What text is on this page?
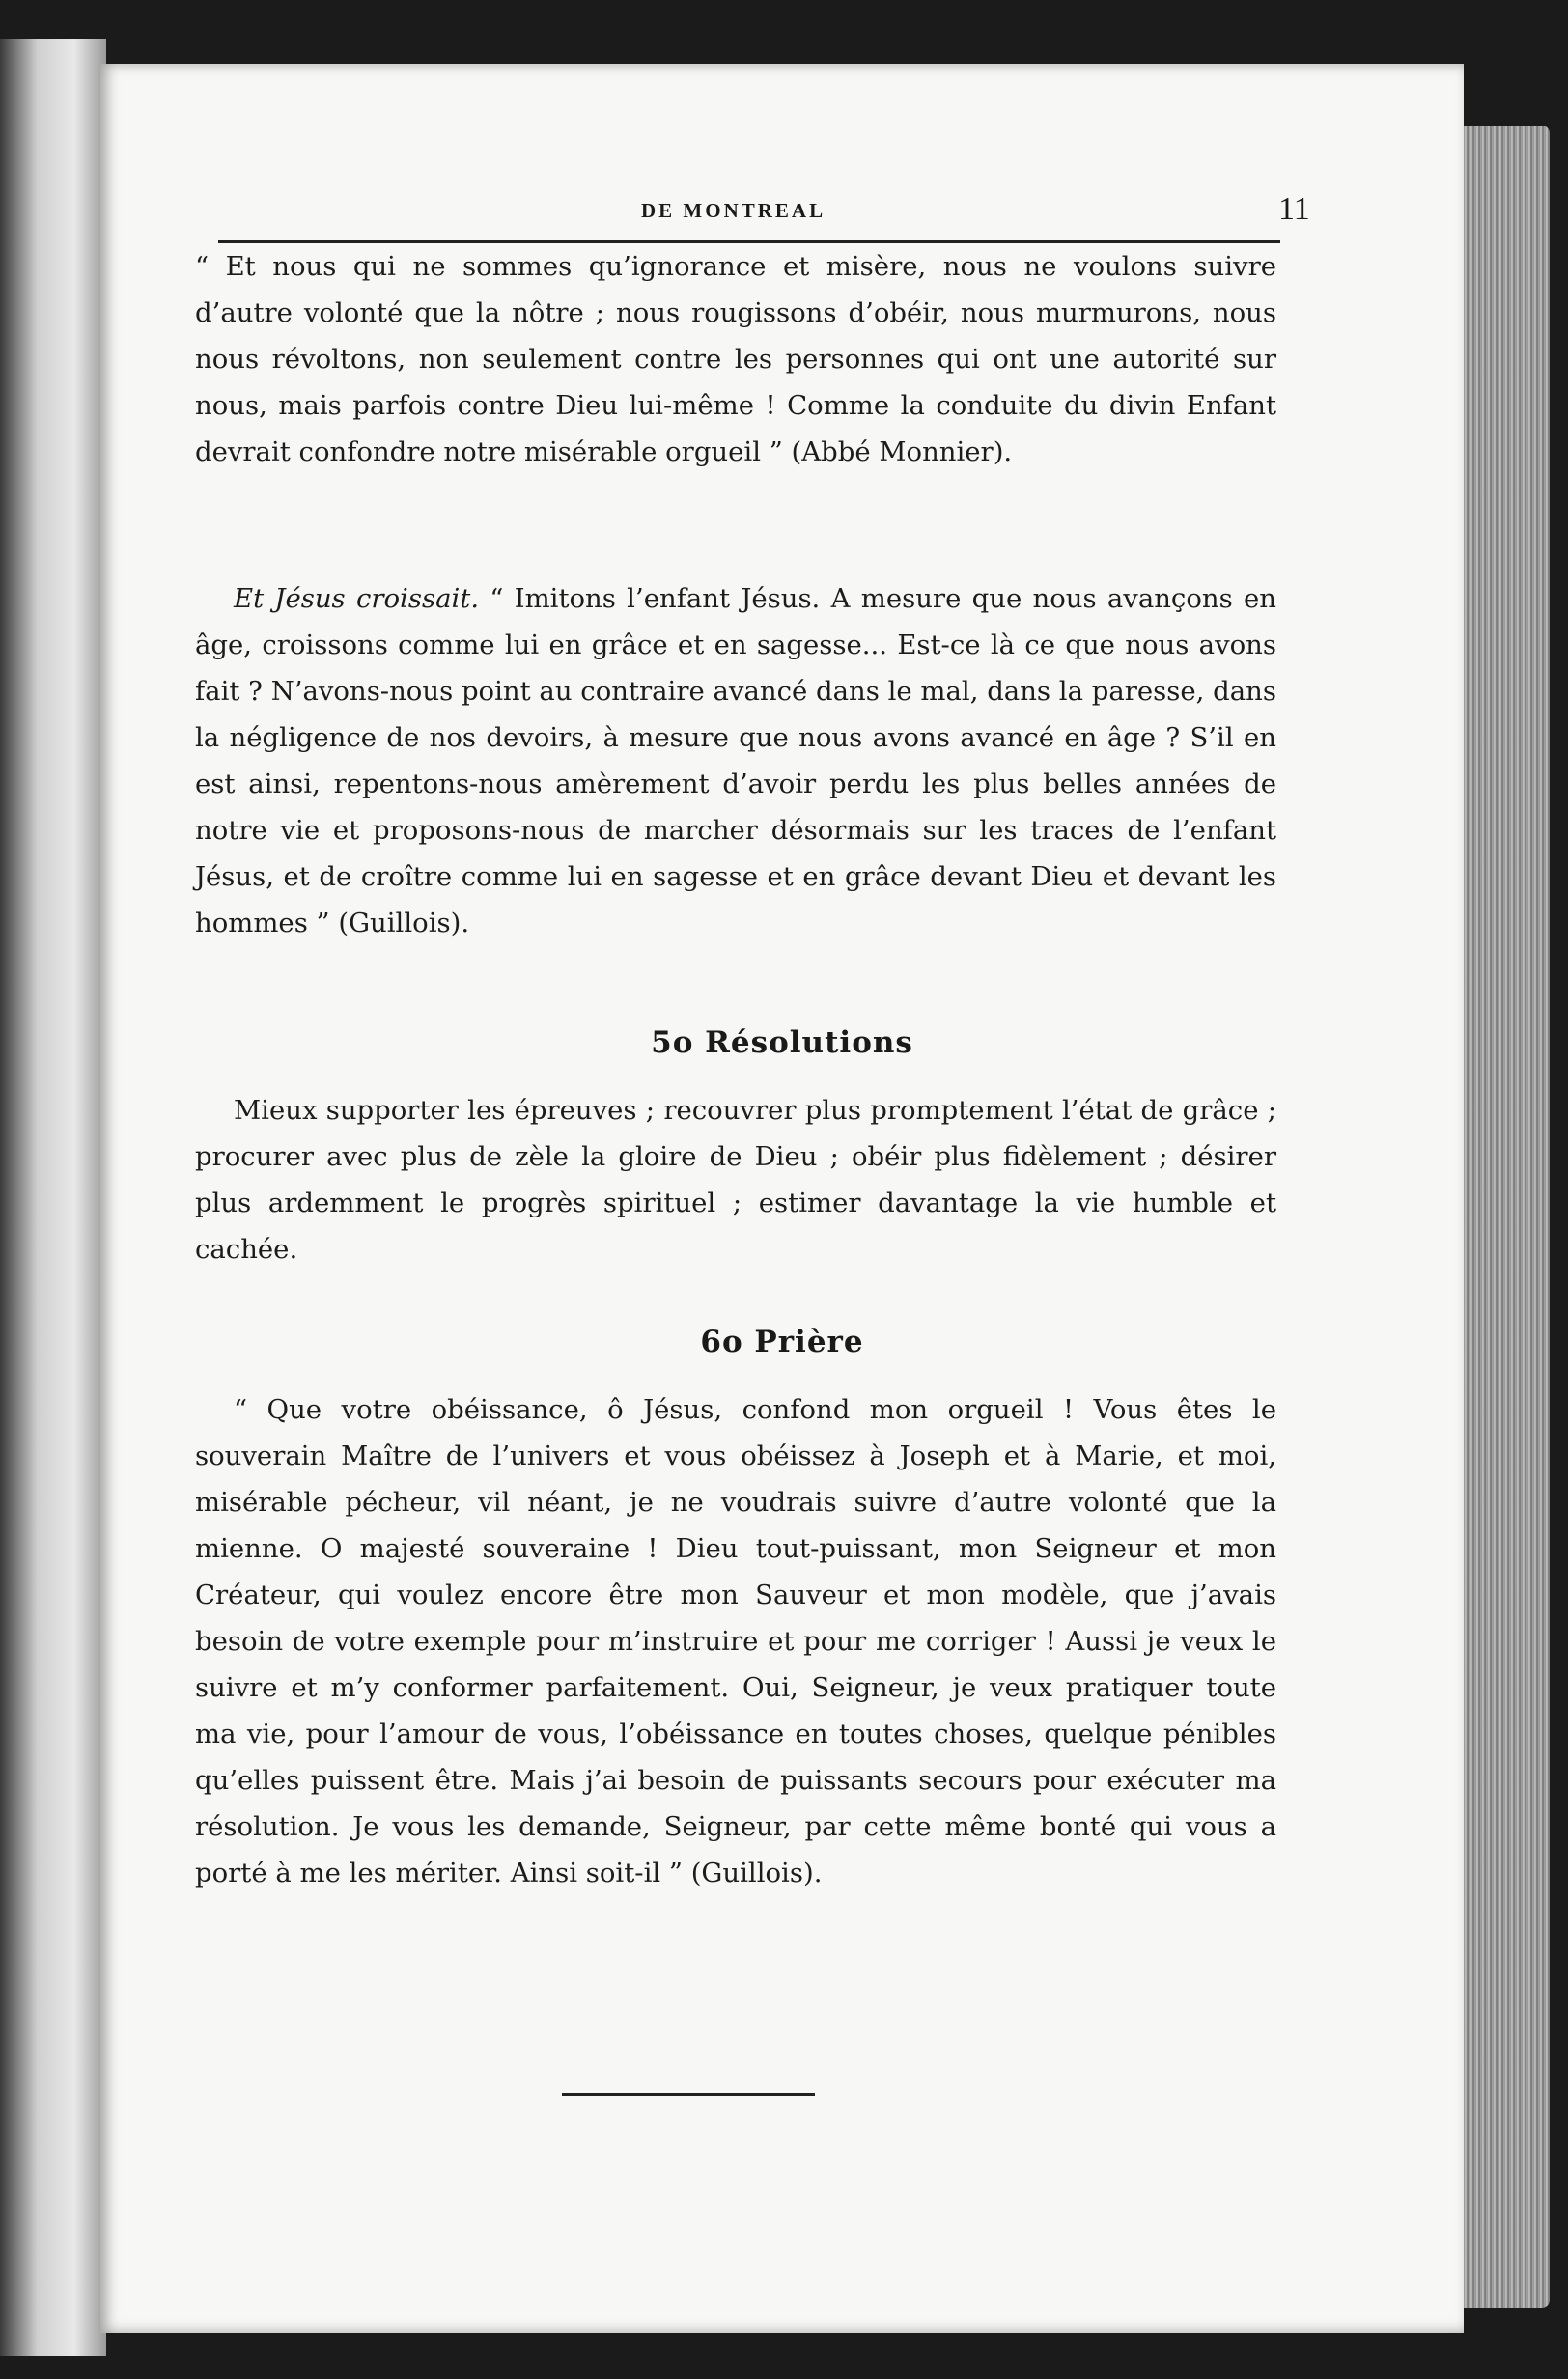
DE MONTREAL	11

“ Et nous qui ne sommes qu’ignorance et misère, nous ne voulons suivre d’autre volonté que la nôtre ; nous rougissons d’obéir, nous murmurons, nous nous révoltons, non seulement contre les personnes qui ont une autorité sur nous, mais parfois contre Dieu lui-même ! Comme la conduite du divin Enfant devrait confondre notre misérable orgueil ” (Abbé Monnier).

Et Jésus croissait. “ Imitons l’enfant Jésus. A mesure que nous avançons en âge, croissons comme lui en grâce et en sagesse... Est-ce là ce que nous avons fait ? N’avons-nous point au contraire avancé dans le mal, dans la paresse, dans la négligence de nos devoirs, à mesure que nous avons avancé en âge ? S’il en est ainsi, repentons-nous amèrement d’avoir perdu les plus belles années de notre vie et proposons-nous de marcher désormais sur les traces de l’enfant Jésus, et de croître comme lui en sagesse et en grâce devant Dieu et devant les hommes ” (Guillois).

5o Résolutions

Mieux supporter les épreuves ; recouvrer plus promptement l’état de grâce ; procurer avec plus de zèle la gloire de Dieu ; obéir plus fidèlement ; désirer plus ardemment le progrès spirituel ; estimer davantage la vie humble et cachée.

6o Prière

“ Que votre obéissance, ô Jésus, confond mon orgueil ! Vous êtes le souverain Maître de l’univers et vous obéissez à Joseph et à Marie, et moi, misérable pécheur, vil néant, je ne voudrais suivre d’autre volonté que la mienne. O majesté souveraine ! Dieu tout-puissant, mon Seigneur et mon Créateur, qui voulez encore être mon Sauveur et mon modèle, que j’avais besoin de votre exemple pour m’instruire et pour me corriger ! Aussi je veux le suivre et m’y conformer parfaitement. Oui, Seigneur, je veux pratiquer toute ma vie, pour l’amour de vous, l’obéissance en toutes choses, quelque pénibles qu’elles puissent être. Mais j’ai besoin de puissants secours pour exécuter ma résolution. Je vous les demande, Seigneur, par cette même bonté qui vous a porté à me les mériter. Ainsi soit-il ” (Guillois).
